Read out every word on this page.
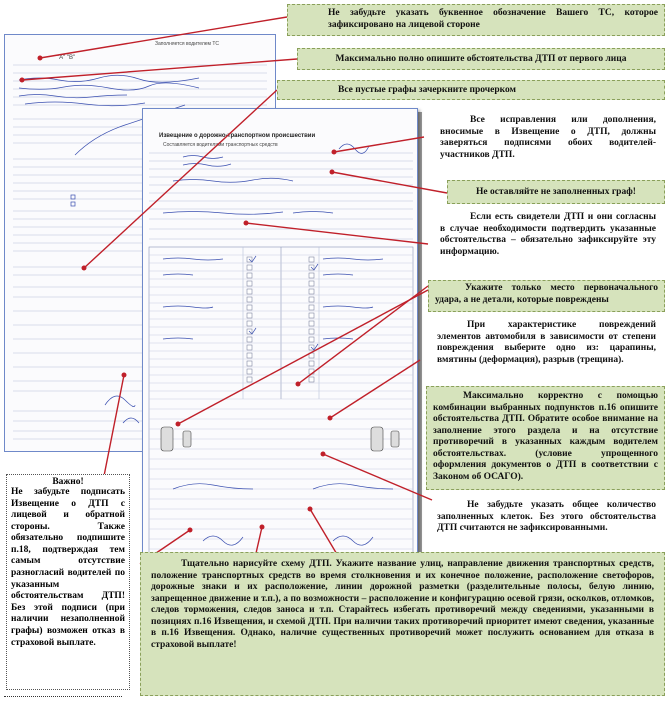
Заполняется водителем ТС
"А" "В"
Извещение о дорожно-транспортном происшествии
Составляется водителями транспортных средств
Не забудьте указать буквенное обозначение Вашего ТС, которое зафиксировано на лицевой стороне
Максимально полно опишите обстоятельства ДТП от первого лица
Все пустые графы зачеркните прочерком
Все исправления или дополнения, вносимые в Извещение о ДТП, должны заверяться подписями обоих водителей-участников ДТП.
Не оставляйте не заполненных граф!
Если есть свидетели ДТП и они согласны в случае необходимости подтвердить указанные обстоятельства – обязательно зафиксируйте эту информацию.
Укажите только место первоначального удара, а не детали, которые повреждены
При характеристике повреждений элементов автомобиля в зависимости от степени повреждения выберите одно из: царапины, вмятины (деформация), разрыв (трещина).
Максимально корректно с помощью комбинации выбранных подпунктов п.16 опишите обстоятельства ДТП. Обратите особое внимание на заполнение этого раздела и на отсутствие противоречий в указанных каждым водителем обстоятельствах. (условие упрощенного оформления документов о ДТП в соответствии с Законом об ОСАГО).
Не забудьте указать общее количество заполненных клеток. Без этого обстоятельства ДТП считаются не зафиксированными.
Тщательно нарисуйте схему ДТП. Укажите название улиц, направление движения транспортных средств, положение транспортных средств во время столкновения и их конечное положение, расположение светофоров, дорожные знаки и их расположение, линии дорожной разметки (разделительные полосы, белую линию, запрещенное движение и т.п.), а по возможности – расположение и конфигурацию осевой грязи, осколков, отломков, следов торможения, следов заноса и т.п. Старайтесь избегать противоречий между сведениями, указанными в позициях п.16 Извещения, и схемой ДТП. При наличии таких противоречий приоритет имеют сведения, указанные в п.16 Извещения. Однако, наличие существенных противоречий может послужить основанием для отказа в страховой выплате!
Важно!
Не забудьте подписать Извещение о ДТП с лицевой и обратной стороны. Также обязательно подпишите п.18, подтверждая тем самым отсутствие разногласий водителей по указанным обстоятельствам ДТП! Без этой подписи (при наличии незаполненной графы) возможен отказ в страховой выплате.
